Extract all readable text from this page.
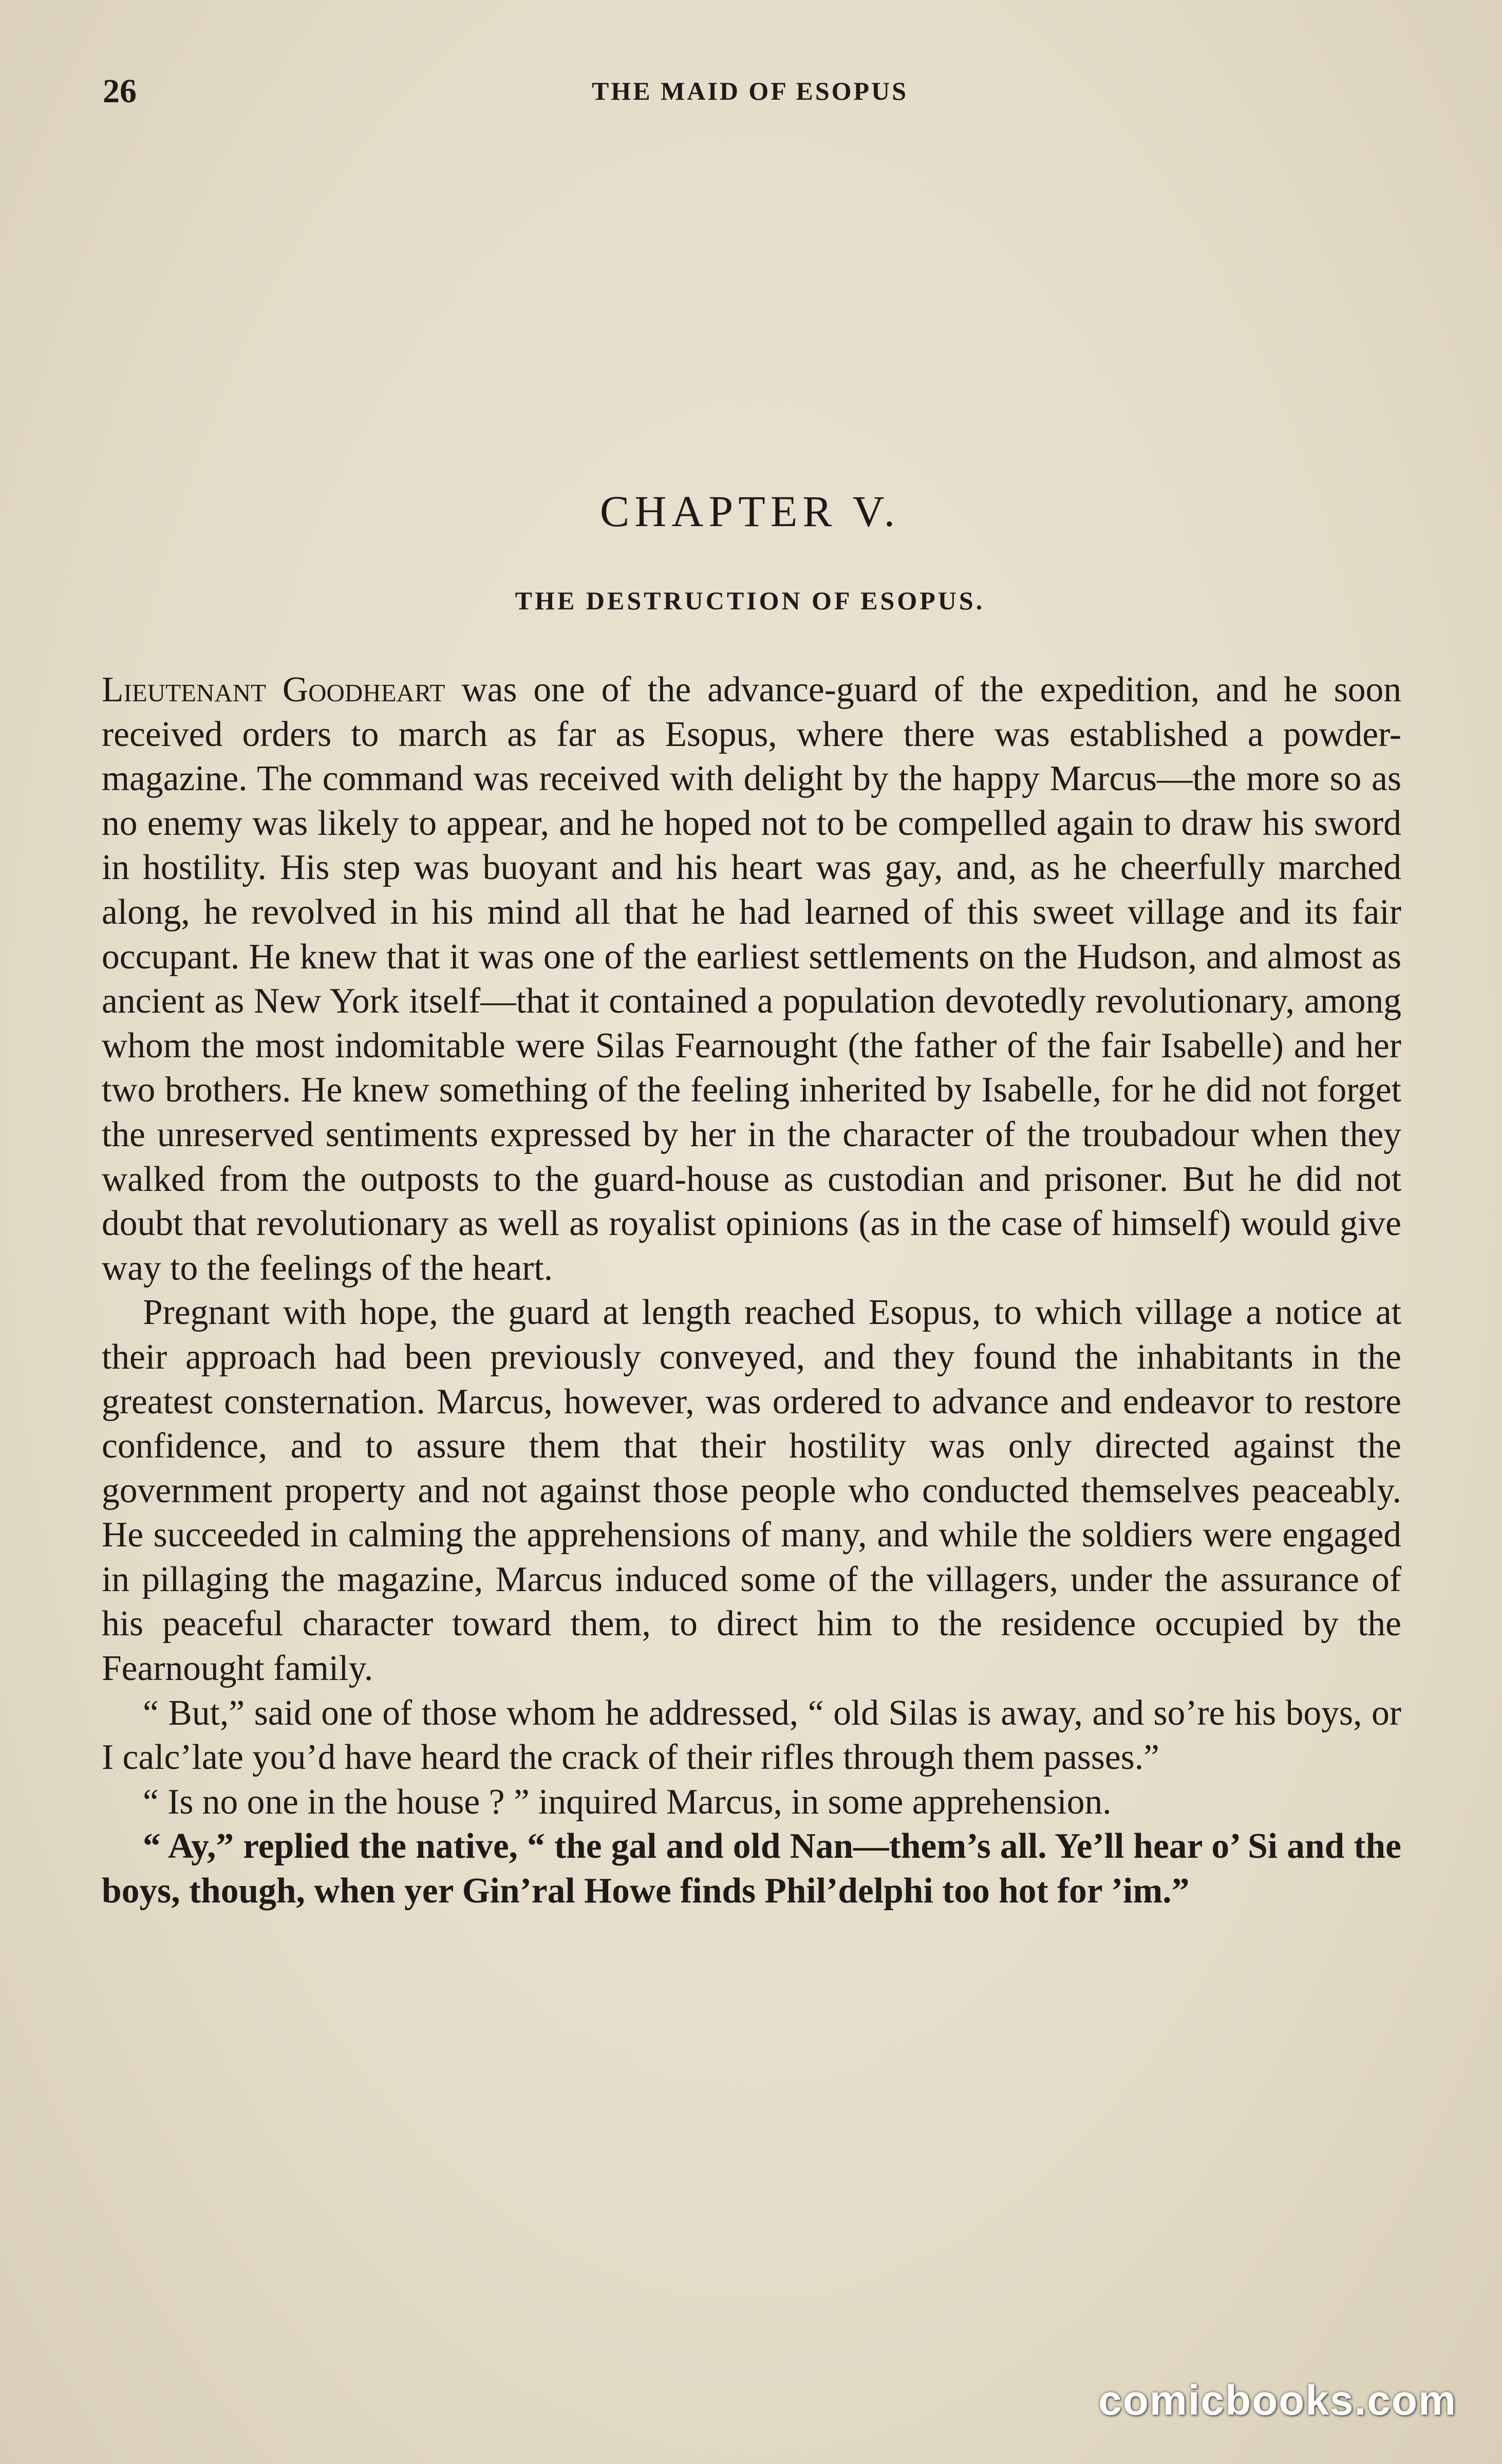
26	THE MAID OF ESOPUS
CHAPTER V.
THE DESTRUCTION OF ESOPUS.

Lieutenant Goodheart was one of the advance-guard of the expedition, and he soon received orders to march as far as Esopus, where there was established a powder-magazine. The command was received with delight by the happy Marcus—the more so as no enemy was likely to appear, and he hoped not to be compelled again to draw his sword in hostility. His step was buoyant and his heart was gay, and, as he cheerfully marched along, he revolved in his mind all that he had learned of this sweet village and its fair occupant. He knew that it was one of the earliest settlements on the Hudson, and almost as ancient as New York itself—that it contained a population devotedly revolutionary, among whom the most indomitable were Silas Fearnought (the father of the fair Isabelle) and her two brothers. He knew something of the feeling inherited by Isabelle, for he did not forget the unreserved sentiments expressed by her in the character of the troubadour when they walked from the outposts to the guard-house as custodian and prisoner. But he did not doubt that revolutionary as well as royalist opinions (as in the case of himself) would give way to the feelings of the heart.

Pregnant with hope, the guard at length reached Esopus, to which village a notice at their approach had been previously conveyed, and they found the inhabitants in the greatest consternation. Marcus, however, was ordered to advance and endeavor to restore confidence, and to assure them that their hostility was only directed against the government property and not against those people who conducted themselves peaceably. He succeeded in calming the apprehensions of many, and while the soldiers were engaged in pillaging the magazine, Marcus induced some of the villagers, under the assurance of his peaceful character toward them, to direct him to the residence occupied by the Fearnought family.

“ But,” said one of those whom he addressed, “ old Silas is away, and so’re his boys, or I calc’late you’d have heard the crack of their rifles through them passes.”

“ Is no one in the house ? ” inquired Marcus, in some apprehension.

“ Ay,” replied the native, “ the gal and old Nan—them’s all. Ye’ll hear o’ Si and the boys, though, when yer Gin’ral Howe finds Phil’delphi too hot for ’im.”

comicbooks.com
